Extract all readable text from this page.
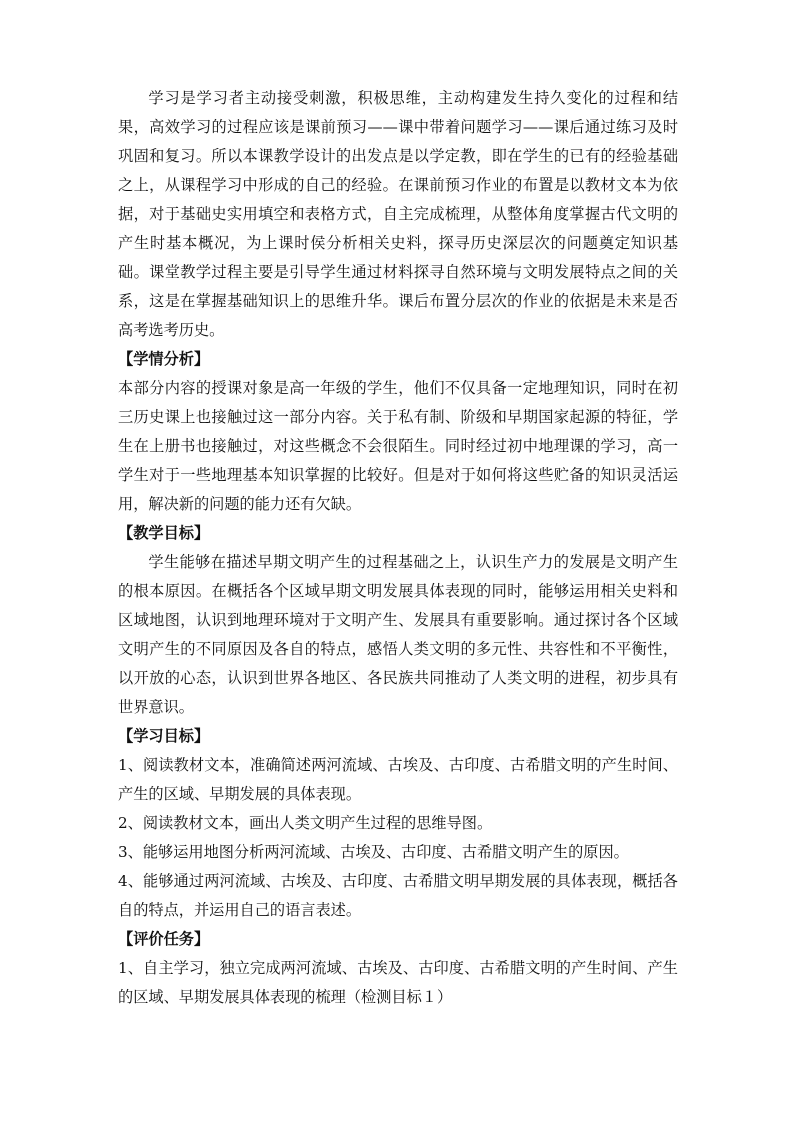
学习是学习者主动接受刺激，积极思维，主动构建发生持久变化的过程和结果，高效学习的过程应该是课前预习——课中带着问题学习——课后通过练习及时巩固和复习。所以本课教学设计的出发点是以学定教，即在学生的已有的经验基础之上，从课程学习中形成的自己的经验。在课前预习作业的布置是以教材文本为依据，对于基础史实用填空和表格方式，自主完成梳理，从整体角度掌握古代文明的产生时基本概况，为上课时侯分析相关史料，探寻历史深层次的问题奠定知识基础。课堂教学过程主要是引导学生通过材料探寻自然环境与文明发展特点之间的关系，这是在掌握基础知识上的思维升华。课后布置分层次的作业的依据是未来是否高考选考历史。

【学情分析】

本部分内容的授课对象是高一年级的学生，他们不仅具备一定地理知识，同时在初三历史课上也接触过这一部分内容。关于私有制、阶级和早期国家起源的特征，学生在上册书也接触过，对这些概念不会很陌生。同时经过初中地理课的学习，高一学生对于一些地理基本知识掌握的比较好。但是对于如何将这些贮备的知识灵活运用，解决新的问题的能力还有欠缺。

【教学目标】

学生能够在描述早期文明产生的过程基础之上，认识生产力的发展是文明产生的根本原因。在概括各个区域早期文明发展具体表现的同时，能够运用相关史料和区域地图，认识到地理环境对于文明产生、发展具有重要影响。通过探讨各个区域文明产生的不同原因及各自的特点，感悟人类文明的多元性、共容性和不平衡性，以开放的心态，认识到世界各地区、各民族共同推动了人类文明的进程，初步具有世界意识。

【学习目标】

1、阅读教材文本，准确简述两河流域、古埃及、古印度、古希腊文明的产生时间、产生的区域、早期发展的具体表现。

2、阅读教材文本，画出人类文明产生过程的思维导图。

3、能够运用地图分析两河流域、古埃及、古印度、古希腊文明产生的原因。

4、能够通过两河流域、古埃及、古印度、古希腊文明早期发展的具体表现，概括各自的特点，并运用自己的语言表述。

【评价任务】

1、自主学习，独立完成两河流域、古埃及、古印度、古希腊文明的产生时间、产生的区域、早期发展具体表现的梳理（检测目标１）
